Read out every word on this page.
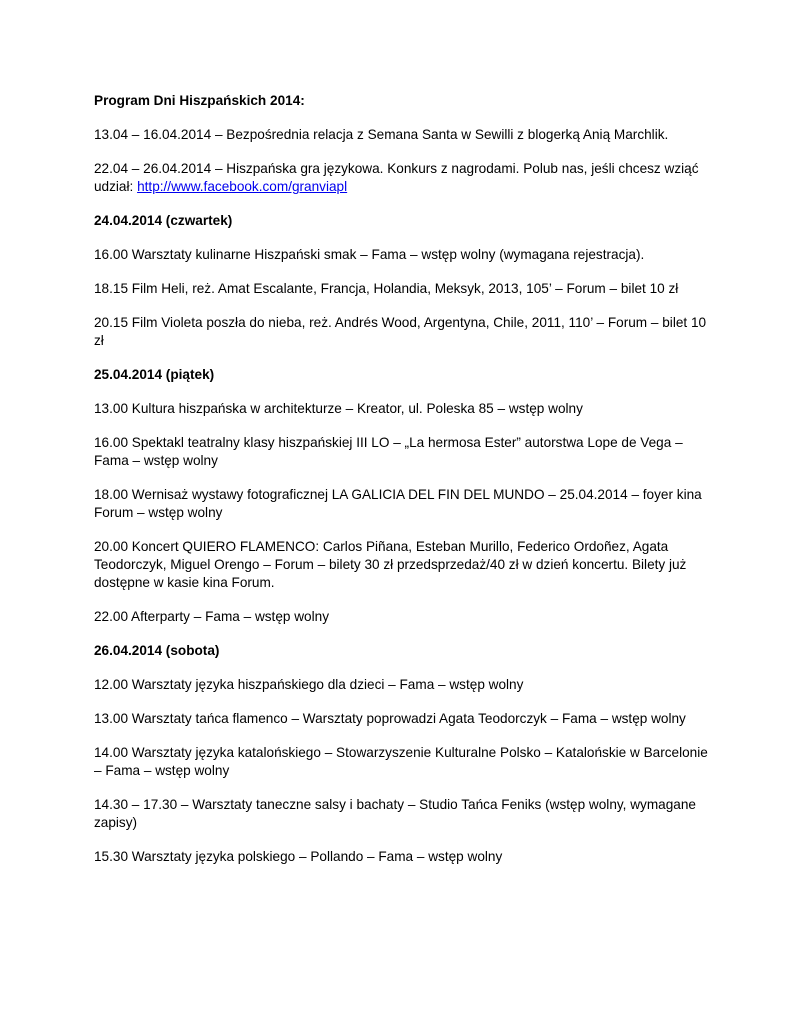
Program Dni Hiszpańskich 2014:

13.04 – 16.04.2014 – Bezpośrednia relacja z Semana Santa w Sewilli z blogerką Anią Marchlik.

22.04 – 26.04.2014 – Hiszpańska gra językowa. Konkurs z nagrodami. Polub nas, jeśli chcesz wziąć udział: http://www.facebook.com/granviapl

24.04.2014 (czwartek)

16.00 Warsztaty kulinarne Hiszpański smak – Fama – wstęp wolny (wymagana rejestracja).

18.15 Film Heli, reż. Amat Escalante, Francja, Holandia, Meksyk, 2013, 105’ – Forum – bilet 10 zł

20.15 Film Violeta poszła do nieba, reż. Andrés Wood, Argentyna, Chile, 2011, 110’ – Forum – bilet 10 zł

25.04.2014 (piątek)

13.00 Kultura hiszpańska w architekturze – Kreator, ul. Poleska 85 – wstęp wolny

16.00 Spektakl teatralny klasy hiszpańskiej III LO – „La hermosa Ester” autorstwa Lope de Vega – Fama – wstęp wolny

18.00 Wernisaż wystawy fotograficznej LA GALICIA DEL FIN DEL MUNDO – 25.04.2014 – foyer kina Forum – wstęp wolny

20.00 Koncert QUIERO FLAMENCO: Carlos Piñana, Esteban Murillo, Federico Ordoñez, Agata Teodorczyk, Miguel Orengo – Forum – bilety 30 zł przedsprzedaż/40 zł w dzień koncertu. Bilety już dostępne w kasie kina Forum.

22.00 Afterparty – Fama – wstęp wolny

26.04.2014 (sobota)

12.00 Warsztaty języka hiszpańskiego dla dzieci – Fama – wstęp wolny

13.00 Warsztaty tańca flamenco – Warsztaty poprowadzi Agata Teodorczyk – Fama – wstęp wolny

14.00 Warsztaty języka katalońskiego – Stowarzyszenie Kulturalne Polsko – Katalońskie w Barcelonie – Fama – wstęp wolny

14.30 – 17.30 – Warsztaty taneczne salsy i bachaty – Studio Tańca Feniks (wstęp wolny, wymagane zapisy)

15.30 Warsztaty języka polskiego – Pollando – Fama – wstęp wolny
